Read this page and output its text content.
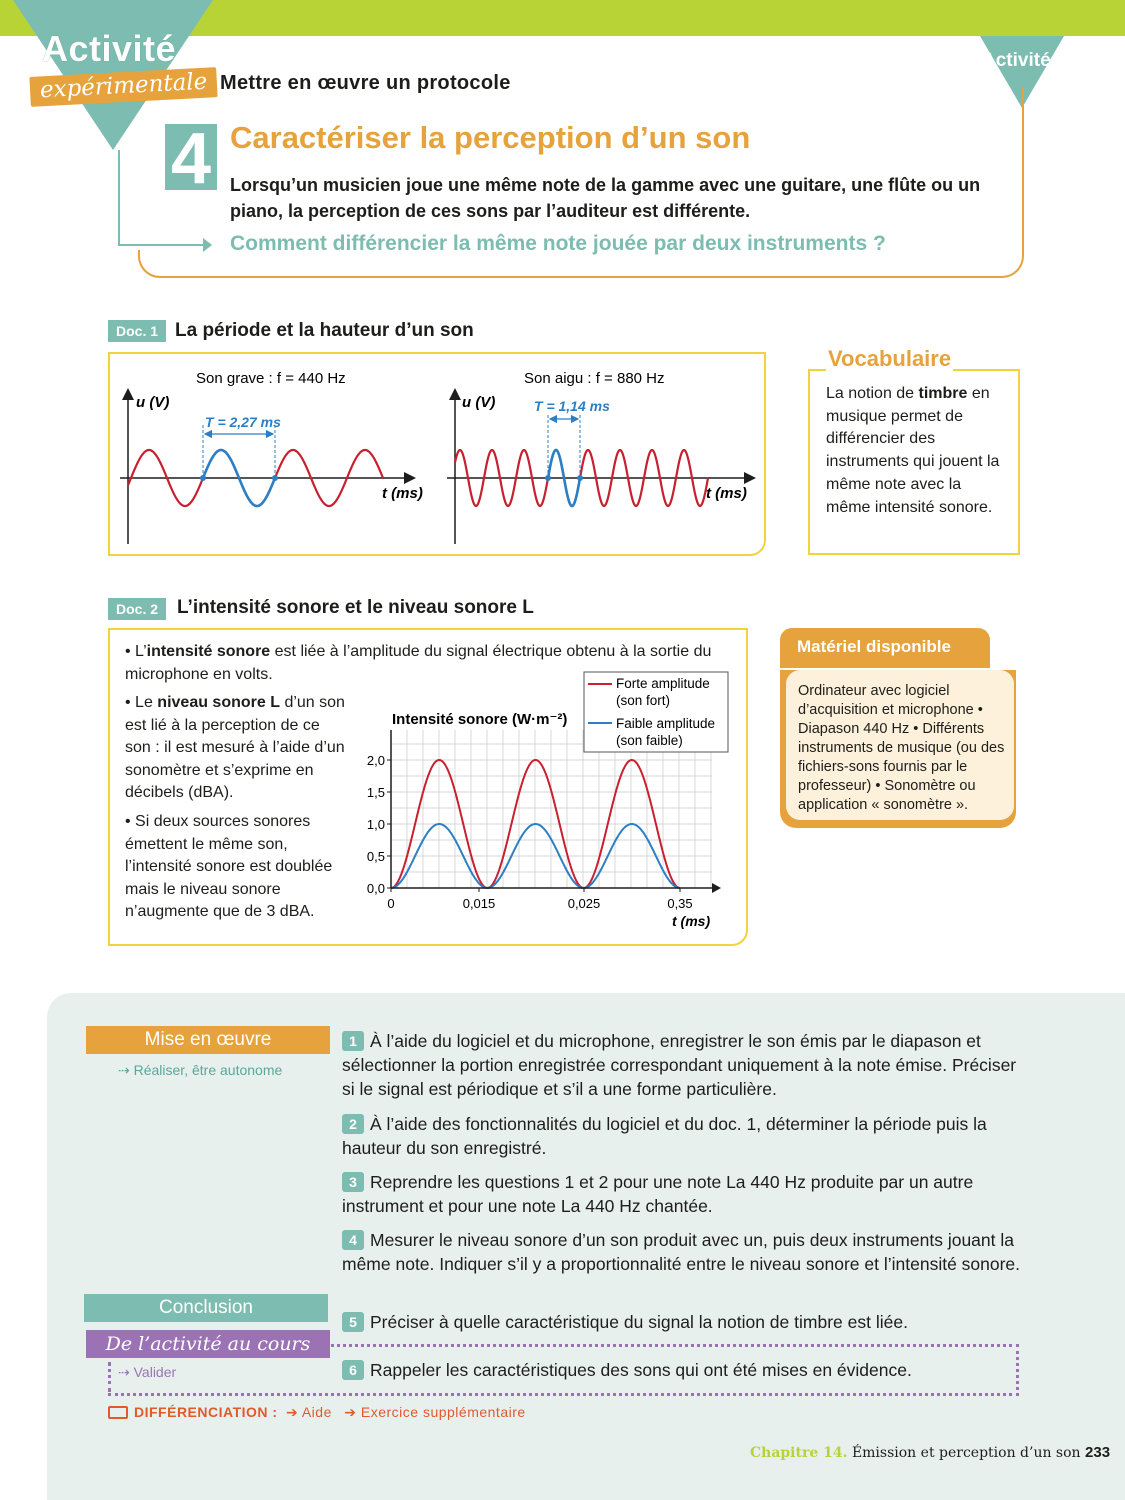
Activité
expérimentale Mettre en œuvre un protocole
Activité
4 Caractériser la perception d’un son
Lorsqu’un musicien joue une même note de la gamme avec une guitare, une flûte ou un piano, la perception de ces sons par l’auditeur est différente.
Comment différencier la même note jouée par deux instruments ?
Doc. 1 La période et la hauteur d’un son
Son grave : f = 440 Hz
u (V)
T = 2,27 ms
t (ms)
Son aigu : f = 880 Hz
u (V)	T = 1,14 ms
t (ms)
Vocabulaire
La notion de timbre en musique permet de différencier des instruments qui jouent la même note avec la même intensité sonore.
Doc. 2 L’intensité sonore et le niveau sonore L
• L’intensité sonore est liée à l’amplitude du signal électrique obtenu à la sortie du microphone en volts.
• Le niveau sonore L d’un son est lié à la perception de ce son : il est mesuré à l’aide d’un sonomètre et s’exprime en décibels (dBA).
• Si deux sources sonores émettent le même son, l’intensité sonore est doublée mais le niveau sonore n’augmente que de 3 dBA.
Intensité sonore (W·m⁻²)
0,0
0,5
1,0
1,5
2,0
0	0,015	0,025	0,35
t (ms)
Forte amplitude
(son fort)
Faible amplitude
(son faible)
Matériel disponible
Ordinateur avec logiciel d’acquisition et microphone • Diapason 440 Hz • Différents instruments de musique (ou des fichiers-sons fournis par le professeur) • Sonomètre ou application « sonomètre ».
Mise en œuvre
⇢ Réaliser, être autonome
1 À l’aide du logiciel et du microphone, enregistrer le son émis par le diapason et sélectionner la portion enregistrée correspondant uniquement à la note émise. Préciser si le signal est périodique et s’il a une forme particulière.
2 À l’aide des fonctionnalités du logiciel et du doc. 1, déterminer la période puis la hauteur du son enregistré.
3 Reprendre les questions 1 et 2 pour une note La 440 Hz produite par un autre instrument et pour une note La 440 Hz chantée.
4 Mesurer le niveau sonore d’un son produit avec un, puis deux instruments jouant la même note. Indiquer s’il y a proportionnalité entre le niveau sonore et l’intensité sonore.
Conclusion
5 Préciser à quelle caractéristique du signal la notion de timbre est liée.
De l’activité au cours
⇢ Valider	6 Rappeler les caractéristiques des sons qui ont été mises en évidence.
DIFFÉRENCIATION : ➔ Aide ➔ Exercice supplémentaire
Chapitre 14. Émission et perception d’un son 233
